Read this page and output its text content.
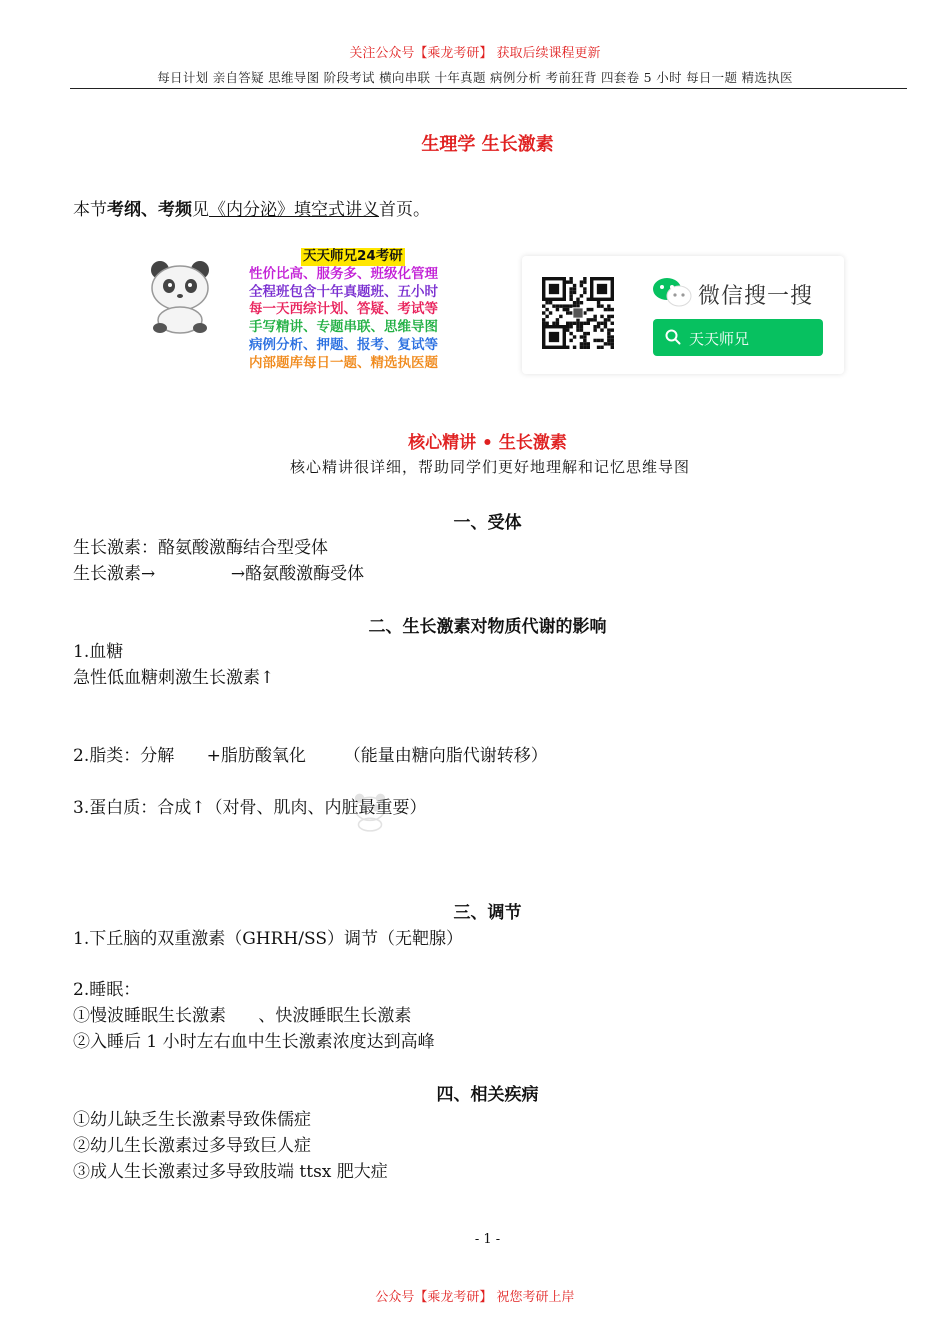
关注公众号【乘龙考研】 获取后续课程更新
每日计划 亲自答疑 思维导图 阶段考试 横向串联 十年真题 病例分析 考前狂背 四套卷 5 小时 每日一题 精选执医
生理学 生长激素
本节考纲、考频见《内分泌》填空式讲义首页。
天天师兄24考研
性价比高、服务多、班级化管理
全程班包含十年真题班、五小时
每一天西综计划、答疑、考试等
手写精讲、专题串联、思维导图
病例分析、押题、报考、复试等
内部题库每日一题、精选执医题
微信搜一搜
天天师兄
核心精讲 • 生长激素
核心精讲很详细，帮助同学们更好地理解和记忆思维导图
一、受体
生长激素：酪氨酸激酶结合型受体
生长激素→              →酪氨酸激酶受体
二、生长激素对物质代谢的影响
1.血糖
急性低血糖刺激生长激素↑
2.脂类：分解      +脂肪酸氧化       （能量由糖向脂代谢转移）
3.蛋白质：合成↑（对骨、肌肉、内脏最重要）
三、调节
1.下丘脑的双重激素（GHRH/SS）调节（无靶腺）
2.睡眠：
①慢波睡眠生长激素      、快波睡眠生长激素
②入睡后 1 小时左右血中生长激素浓度达到高峰
四、相关疾病
①幼儿缺乏生长激素导致侏儒症
②幼儿生长激素过多导致巨人症
③成人生长激素过多导致肢端 ttsx 肥大症
- 1 -
公众号【乘龙考研】 祝您考研上岸
